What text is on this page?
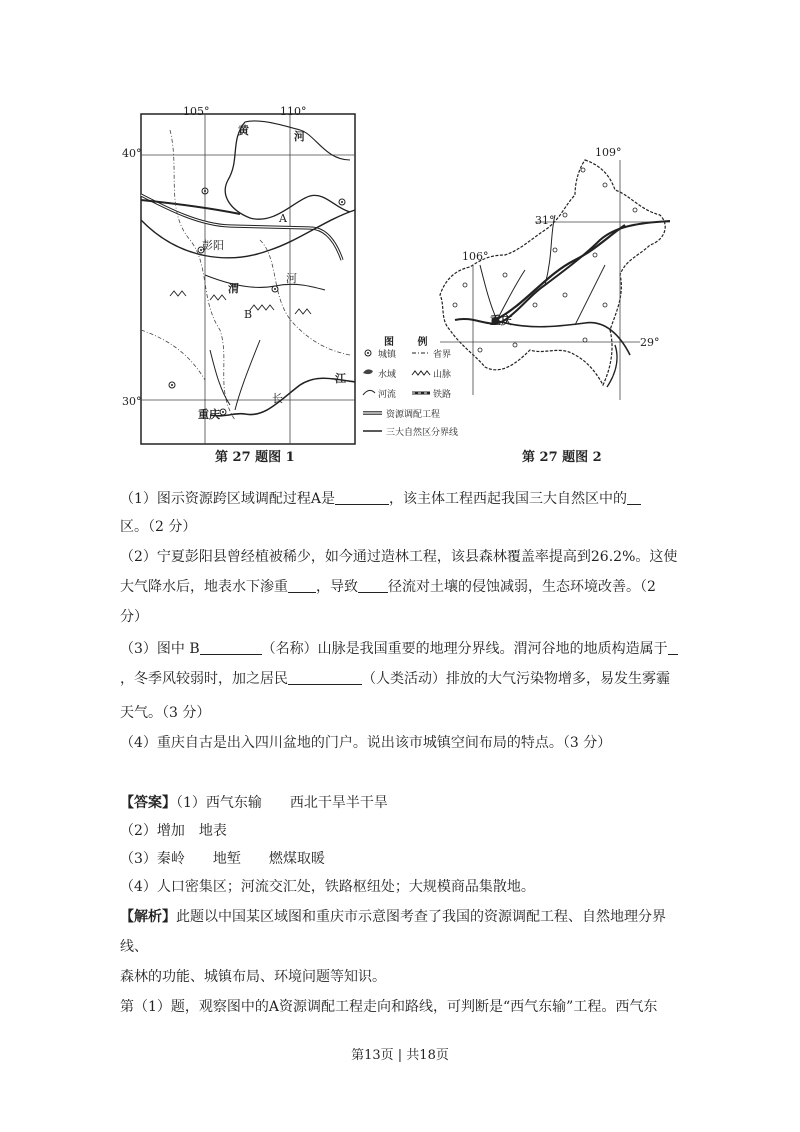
105°	110°
40°
30°
黄	河
A
彭阳
渭
河
B
江
长
重庆
第 27 题图 1
图 例
城镇	省界
水域	山脉
河流	铁路
资源调配工程
三大自然区分界线
109°
31°
106°
29°
重庆
第 27 题图 2
（1）图示资源跨区域调配过程A是	，该主体工程西起我国三大自然区中的
区。（2 分）
（2）宁夏彭阳县曾经植被稀少，如今通过造林工程，该县森林覆盖率提高到26.2%。这使
大气降水后，地表水下渗重 ，导致 径流对土壤的侵蚀减弱，生态环境改善。（2
分）
（3）图中 B	（名称）山脉是我国重要的地理分界线。渭河谷地的地质构造属于
，冬季风较弱时，加之居民	（人类活动）排放的大气污染物增多，易发生雾霾
天气。（3 分）
（4）重庆自古是出入四川盆地的门户。说出该市城镇空间布局的特点。（3 分）
【答案】（1）西气东输　　西北干旱半干旱
（2）增加　地表
（3）秦岭　　地堑　　燃煤取暖
（4）人口密集区；河流交汇处，铁路枢纽处；大规模商品集散地。
【解析】此题以中国某区域图和重庆市示意图考查了我国的资源调配工程、自然地理分界
线、
森林的功能、城镇布局、环境问题等知识。
第（1）题，观察图中的A资源调配工程走向和路线，可判断是“西气东输”工程。西气东
第13页 | 共18页
